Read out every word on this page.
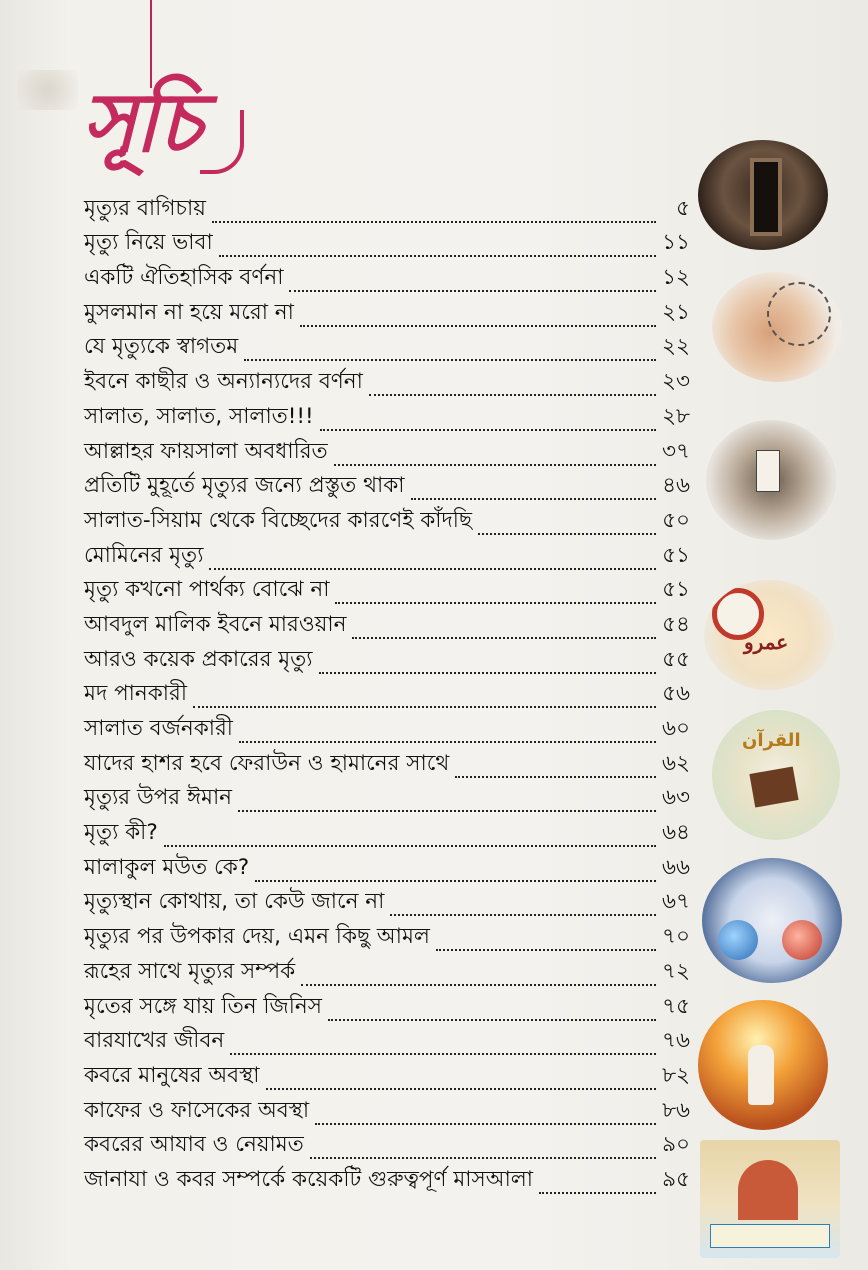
সূচি
মৃত্যুর বাগিচায়	৫
মৃত্যু নিয়ে ভাবা	১১
একটি ঐতিহাসিক বর্ণনা	১২
মুসলমান না হয়ে মরো না	২১
যে মৃত্যুকে স্বাগতম	২২
ইবনে কাছীর ও অন্যান্যদের বর্ণনা	২৩
সালাত, সালাত, সালাত!!!	২৮
আল্লাহর ফায়সালা অবধারিত	৩৭
প্রতিটি মুহূর্তে মৃত্যুর জন্যে প্রস্তুত থাকা	৪৬
সালাত-সিয়াম থেকে বিচ্ছেদের কারণেই কাঁদছি	৫০
মোমিনের মৃত্যু	৫১
মৃত্যু কখনো পার্থক্য বোঝে না	৫১
আবদুল মালিক ইবনে মারওয়ান	৫৪
আরও কয়েক প্রকারের মৃত্যু	৫৫
মদ পানকারী	৫৬
সালাত বর্জনকারী	৬০
যাদের হাশর হবে ফেরাউন ও হামানের সাথে	৬২
মৃত্যুর উপর ঈমান	৬৩
মৃত্যু কী?	৬৪
মালাকুল মউত কে?	৬৬
মৃত্যুস্থান কোথায়, তা কেউ জানে না	৬৭
মৃত্যুর পর উপকার দেয়, এমন কিছু আমল	৭০
রূহের সাথে মৃত্যুর সম্পর্ক	৭২
মৃতের সঙ্গে যায় তিন জিনিস	৭৫
বারযাখের জীবন	৭৬
কবরে মানুষের অবস্থা	৮২
কাফের ও ফাসেকের অবস্থা	৮৬
কবরের আযাব ও নেয়ামত	৯০
জানাযা ও কবর সম্পর্কে কয়েকটি গুরুত্বপূর্ণ মাসআলা	৯৫
عمرو
القرآن
